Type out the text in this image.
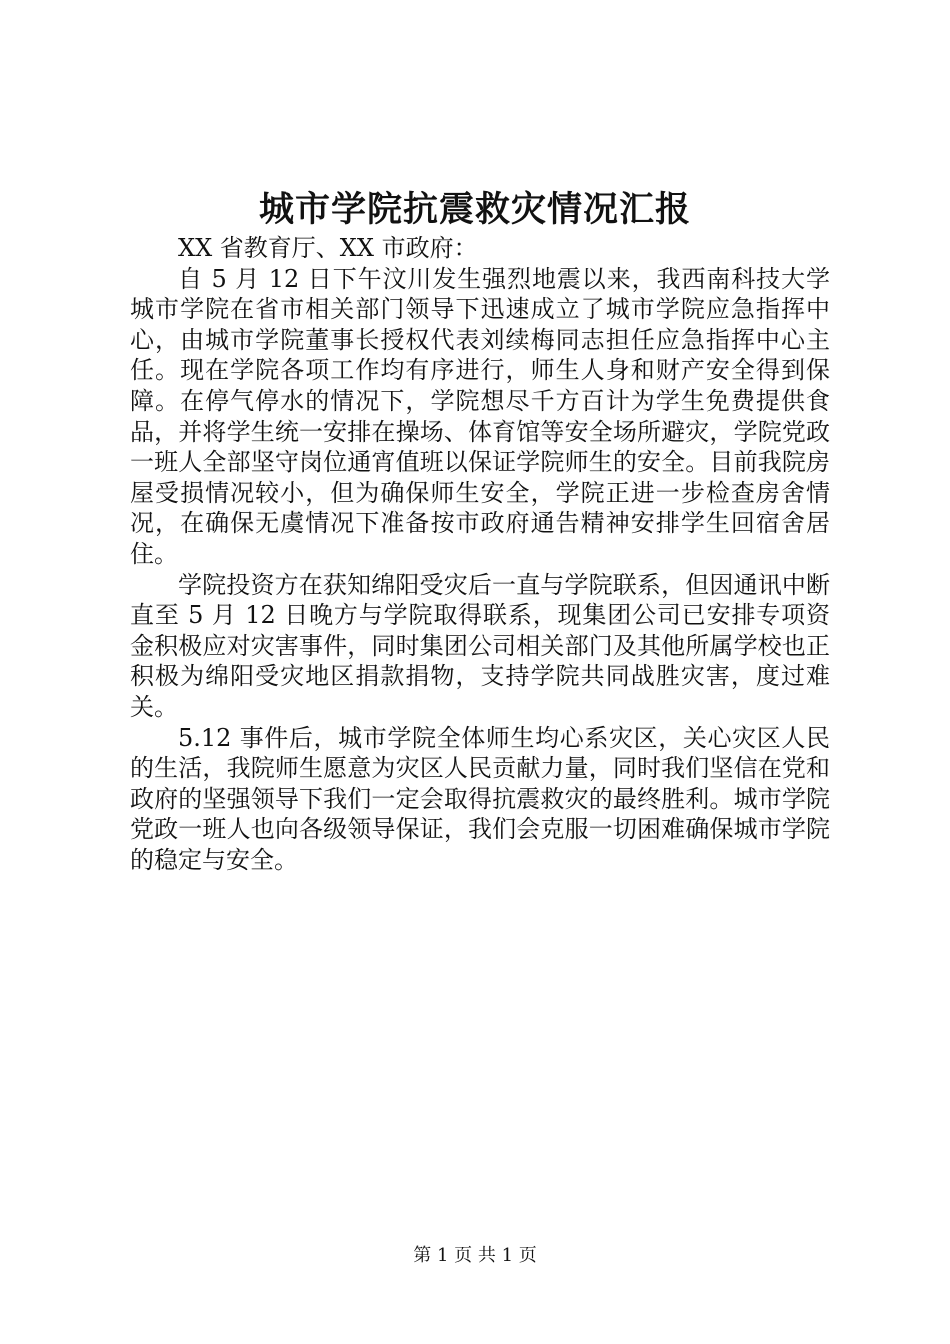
城市学院抗震救灾情况汇报

XX 省教育厅、XX 市政府：

自 5 月 12 日下午汶川发生强烈地震以来，我西南科技大学城市学院在省市相关部门领导下迅速成立了城市学院应急指挥中心，由城市学院董事长授权代表刘续梅同志担任应急指挥中心主任。现在学院各项工作均有序进行，师生人身和财产安全得到保障。在停气停水的情况下，学院想尽千方百计为学生免费提供食品，并将学生统一安排在操场、体育馆等安全场所避灾，学院党政一班人全部坚守岗位通宵值班以保证学院师生的安全。目前我院房屋受损情况较小，但为确保师生安全，学院正进一步检查房舍情况，在确保无虞情况下准备按市政府通告精神安排学生回宿舍居住。

学院投资方在获知绵阳受灾后一直与学院联系，但因通讯中断直至 5 月 12 日晚方与学院取得联系，现集团公司已安排专项资金积极应对灾害事件，同时集团公司相关部门及其他所属学校也正积极为绵阳受灾地区捐款捐物，支持学院共同战胜灾害，度过难关。

5.12 事件后，城市学院全体师生均心系灾区，关心灾区人民的生活，我院师生愿意为灾区人民贡献力量，同时我们坚信在党和政府的坚强领导下我们一定会取得抗震救灾的最终胜利。城市学院党政一班人也向各级领导保证，我们会克服一切困难确保城市学院的稳定与安全。

第 1 页 共 1 页
